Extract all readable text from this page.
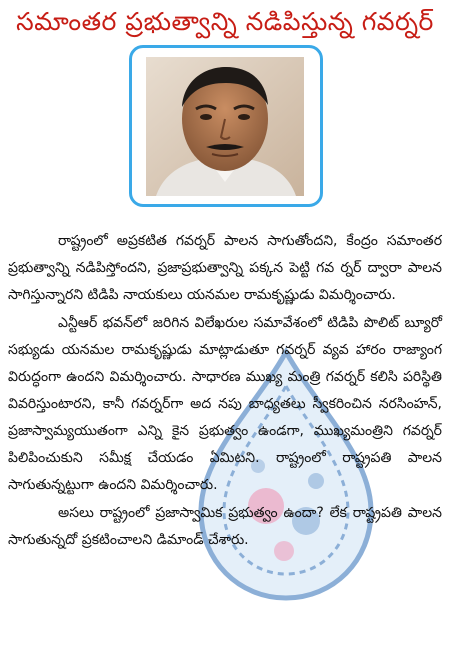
సమాంతర ప్రభుత్వాన్ని నడిపిస్తున్న గవర్నర్

రాష్ట్రంలో అప్రకటిత గవర్నర్ పాలన సాగుతోందని, కేంద్రం సమాంతర ప్రభుత్వాన్ని నడిపిస్తోందని, ప్రజాప్రభుత్వాన్ని పక్కన పెట్టి గవ ర్నర్ ద్వారా పాలన సాగిస్తున్నారని టిడిపి నాయకులు యనమల రామకృష్ణుడు విమర్శించారు.

ఎన్టీఆర్ భవన్‌లో జరిగిన విలేఖరుల సమావేశంలో టిడిపి పొలిట్ బ్యూరో సభ్యుడు యనమల రామకృష్ణుడు మాట్లాడుతూ గవర్నర్ వ్యవ హారం రాజ్యాంగ విరుద్ధంగా ఉందని విమర్శించారు. సాధారణ ముఖ్య మంత్రి గవర్నర్ కలిసి పరిస్థితి వివరిస్తుంటారని, కానీ గవర్నర్‌గా అద నపు బాధ్యతలు స్వీకరించిన నరసింహన్, ప్రజాస్వామ్యయుతంగా ఎన్ని కైన ప్రభుత్వం ఉండగా, ముఖ్యమంత్రిని గవర్నర్ పిలిపించుకుని సమీక్ష చేయడం ఏమిటని. రాష్ట్రంలో రాష్ట్రపతి పాలన సాగుతున్నట్టుగా ఉందని విమర్శించారు.

అసలు రాష్ట్రంలో ప్రజాస్వామిక ప్రభుత్వం ఉందా? లేక రాష్ట్రపతి పాలన సాగుతున్నదో ప్రకటించాలని డిమాండ్ చేశారు.
